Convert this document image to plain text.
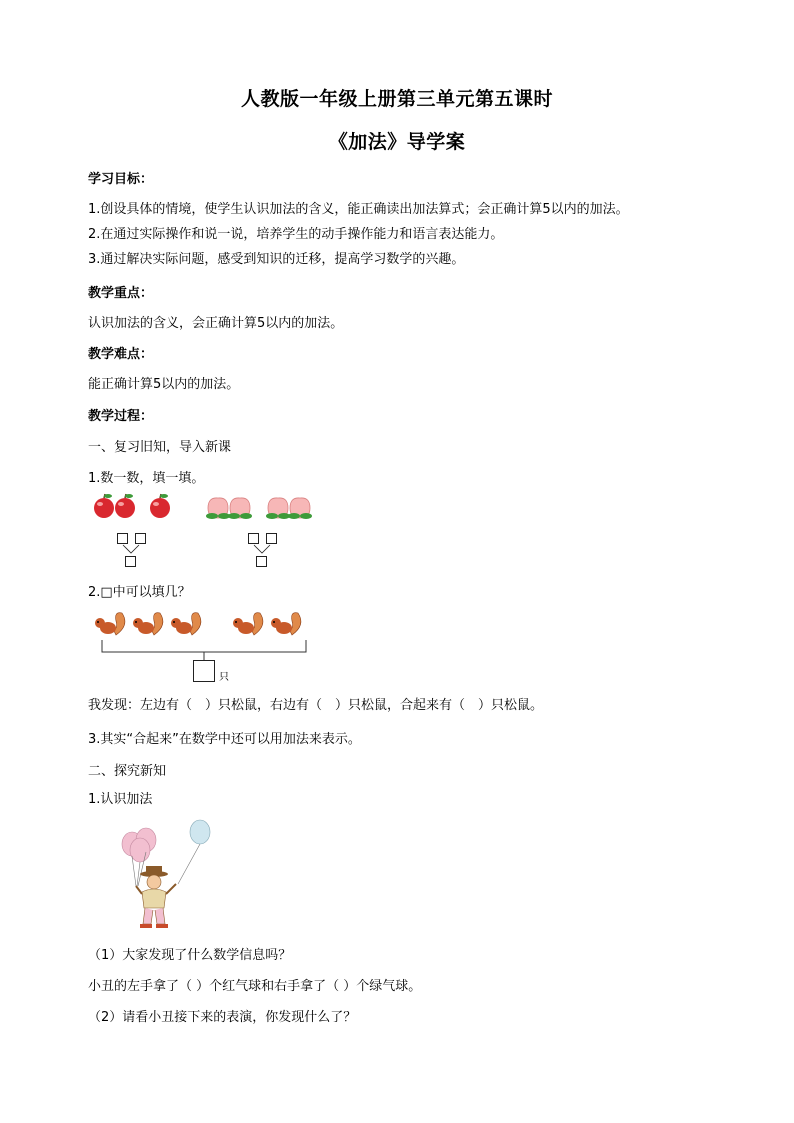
人教版一年级上册第三单元第五课时
《加法》导学案
学习目标：
1.创设具体的情境，使学生认识加法的含义，能正确读出加法算式；会正确计算5以内的加法。
2.在通过实际操作和说一说，培养学生的动手操作能力和语言表达能力。
3.通过解决实际问题，感受到知识的迁移，提高学习数学的兴趣。
教学重点：
认识加法的含义，会正确计算5以内的加法。
教学难点：
能正确计算5以内的加法。
教学过程：
一、复习旧知，导入新课
1.数一数，填一填。
2.□中可以填几？
只
我发现：左边有（　）只松鼠，右边有（　）只松鼠，合起来有（　）只松鼠。
3.其实“合起来”在数学中还可以用加法来表示。
二、探究新知
1.认识加法
（1）大家发现了什么数学信息吗？
小丑的左手拿了（ ）个红气球和右手拿了（ ）个绿气球。
（2）请看小丑接下来的表演，你发现什么了？
